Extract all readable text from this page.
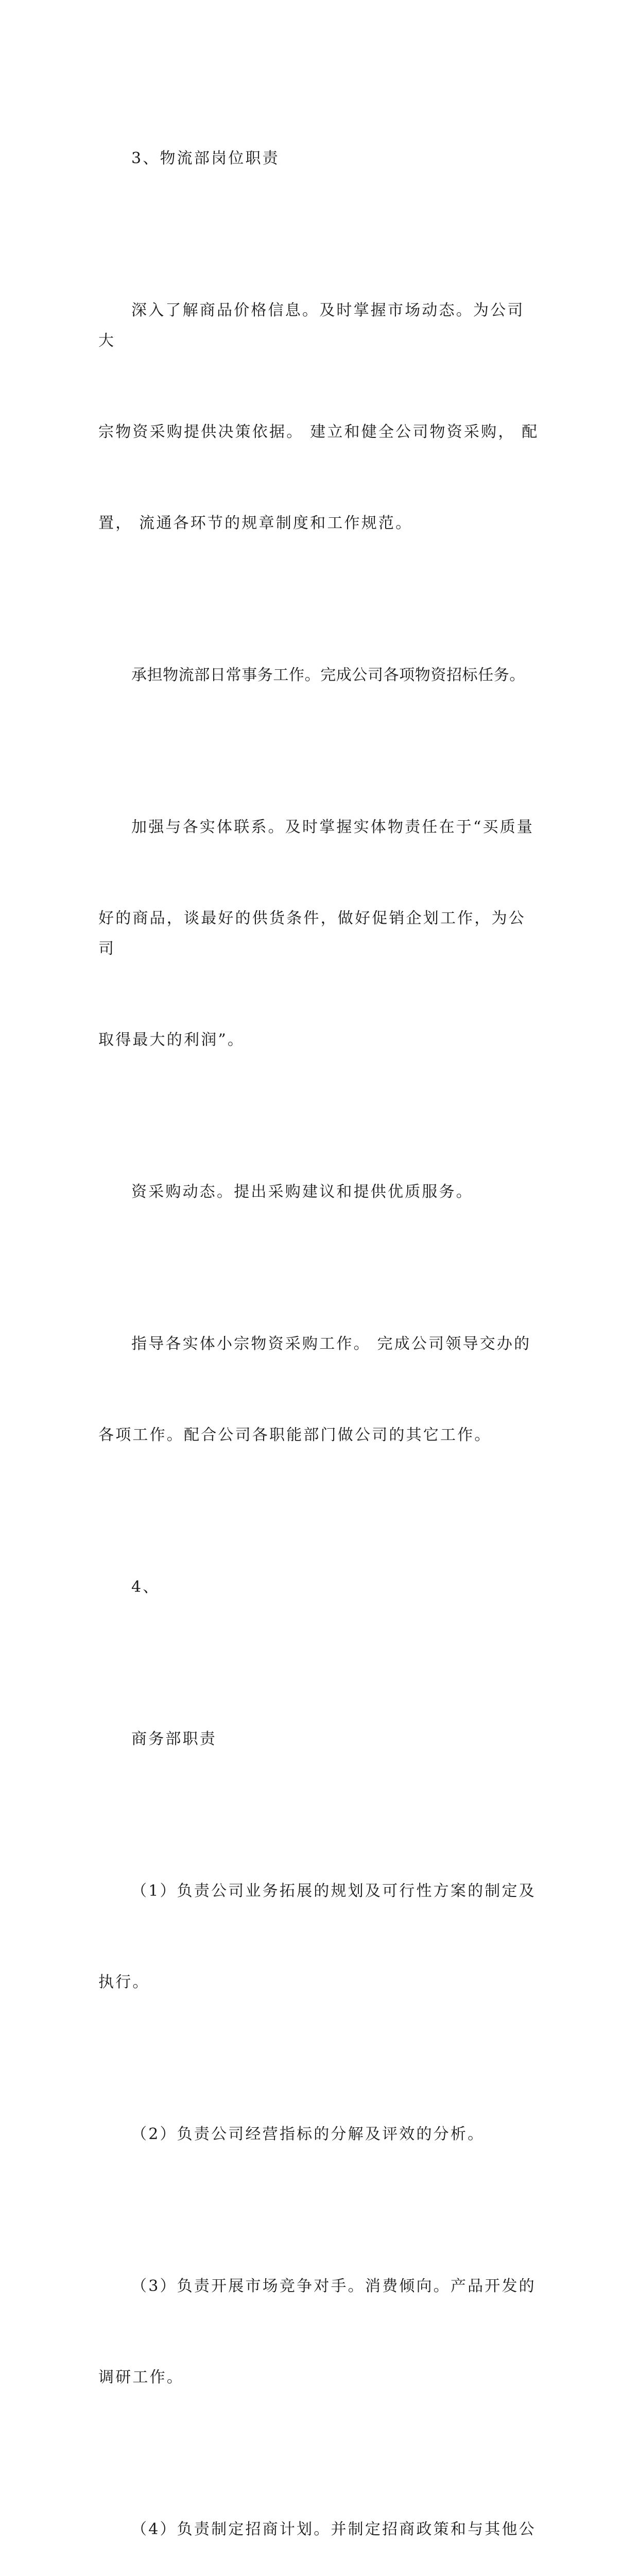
3、物流部岗位职责

深入了解商品价格信息。及时掌握市场动态。为公司大

宗物资采购提供决策依据。 建立和健全公司物资采购， 配

置， 流通各环节的规章制度和工作规范。

承担物流部日常事务工作。完成公司各项物资招标任务。

加强与各实体联系。及时掌握实体物责任在于“买质量

好的商品，谈最好的供货条件，做好促销企划工作，为公司

取得最大的利润”。

资采购动态。提出采购建议和提供优质服务。

指导各实体小宗物资采购工作。 完成公司领导交办的

各项工作。配合公司各职能部门做公司的其它工作。

4、

商务部职责

（1）负责公司业务拓展的规划及可行性方案的制定及

执行。

（2）负责公司经营指标的分解及评效的分析。

（3）负责开展市场竞争对手。消费倾向。产品开发的

调研工作。

（4）负责制定招商计划。并制定招商政策和与其他公
